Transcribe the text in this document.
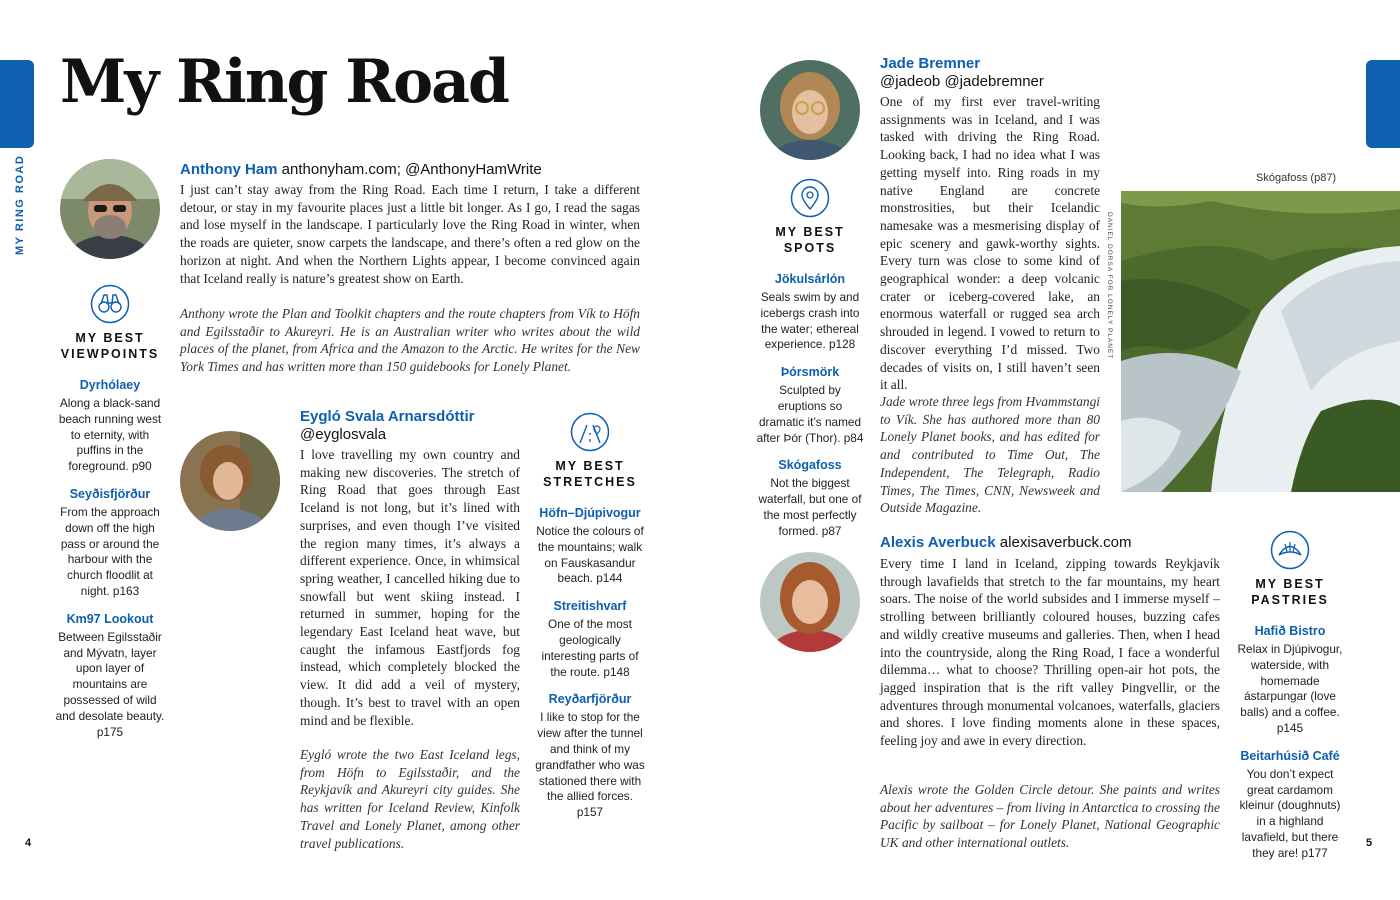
MY RING ROAD
My Ring Road
Anthony Ham anthonyham.com; @AnthonyHamWrite

I just can’t stay away from the Ring Road. Each time I return, I take a different detour, or stay in my favourite places just a little bit longer. As I go, I read the sagas and lose myself in the landscape. I particularly love the Ring Road in winter, when the roads are quieter, snow carpets the landscape, and there’s often a red glow on the horizon at night. And when the Northern Lights appear, I become convinced again that Iceland really is nature’s greatest show on Earth.

Anthony wrote the Plan and Toolkit chapters and the route chapters from Vík to Höfn and Egilsstaðir to Akureyri. He is an Australian writer who writes about the wild places of the planet, from Africa and the Amazon to the Arctic. He writes for the New York Times and has written more than 150 guidebooks for Lonely Planet.
MY BEST VIEWPOINTS
Dyrhólaey
Along a black-sand beach running west to eternity, with puffins in the foreground. p90
Seyðisfjörður
From the approach down off the high pass or around the harbour with the church floodlit at night. p163
Km97 Lookout
Between Egilsstaðir and Mývatn, layer upon layer of mountains are possessed of wild and desolate beauty. p175
Eygló Svala Arnarsdóttir
@eyglosvala

I love travelling my own country and making new discoveries. The stretch of Ring Road that goes through East Iceland is not long, but it’s lined with surprises, and even though I’ve visited the region many times, it’s always a different experience. Once, in whimsical spring weather, I cancelled hiking due to snowfall but went skiing instead. I returned in summer, hoping for the legendary East Iceland heat wave, but caught the infamous Eastfjords fog instead, which completely blocked the view. It did add a veil of mystery, though. It’s best to travel with an open mind and be flexible.

Eygló wrote the two East Iceland legs, from Höfn to Egilsstaðir, and the Reykjavík and Akureyri city guides. She has written for Iceland Review, Kinfolk Travel and Lonely Planet, among other travel publications.
MY BEST STRETCHES
Höfn–Djúpivogur
Notice the colours of the mountains; walk on Fauskasandur beach. p144
Streitishvarf
One of the most geologically interesting parts of the route. p148
Reyðarfjörður
I like to stop for the view after the tunnel and think of my grandfather who was stationed there with the allied forces. p157
Jade Bremner
@jadeob @jadebremner

One of my first ever travel-writing assignments was in Iceland, and I was tasked with driving the Ring Road. Looking back, I had no idea what I was getting myself into. Ring roads in my native England are concrete monstrosities, but their Icelandic namesake was a mesmerising display of epic scenery and gawk-worthy sights. Every turn was close to some kind of geographical wonder: a deep volcanic crater or iceberg-covered lake, an enormous waterfall or rugged sea arch shrouded in legend. I vowed to return to discover everything I’d missed. Two decades of visits on, I still haven’t seen it all.

Jade wrote three legs from Hvammstangi to Vík. She has authored more than 80 Lonely Planet books, and has edited for and contributed to Time Out, The Independent, The Telegraph, Radio Times, The Times, CNN, Newsweek and Outside Magazine.
MY BEST SPOTS
Jökulsárlón
Seals swim by and icebergs crash into the water; ethereal experience. p128
Þórsmörk
Sculpted by eruptions so dramatic it’s named after Þór (Thor). p84
Skógafoss
Not the biggest waterfall, but one of the most perfectly formed. p87
DANIEL DORSA FOR LONELY PLANET
Skógafoss (p87)
Alexis Averbuck alexisaverbuck.com

Every time I land in Iceland, zipping towards Reykjavík through lavafields that stretch to the far mountains, my heart soars. The noise of the world subsides and I immerse myself – strolling between brilliantly coloured houses, buzzing cafes and wildly creative museums and galleries. Then, when I head into the countryside, along the Ring Road, I face a wonderful dilemma… what to choose? Thrilling open-air hot pots, the jagged inspiration that is the rift valley Þingvellir, or the adventures through monumental volcanoes, waterfalls, glaciers and shores. I love finding moments alone in these spaces, feeling joy and awe in every direction.

Alexis wrote the Golden Circle detour. She paints and writes about her adventures – from living in Antarctica to crossing the Pacific by sailboat – for Lonely Planet, National Geographic UK and other international outlets.
MY BEST PASTRIES
Hafið Bistro
Relax in Djúpivogur, waterside, with homemade ástarpungar (love balls) and a coffee. p145
Beitarhúsið Café
You don’t expect great cardamom kleinur (doughnuts) in a highland lavafield, but there they are! p177
4	5
